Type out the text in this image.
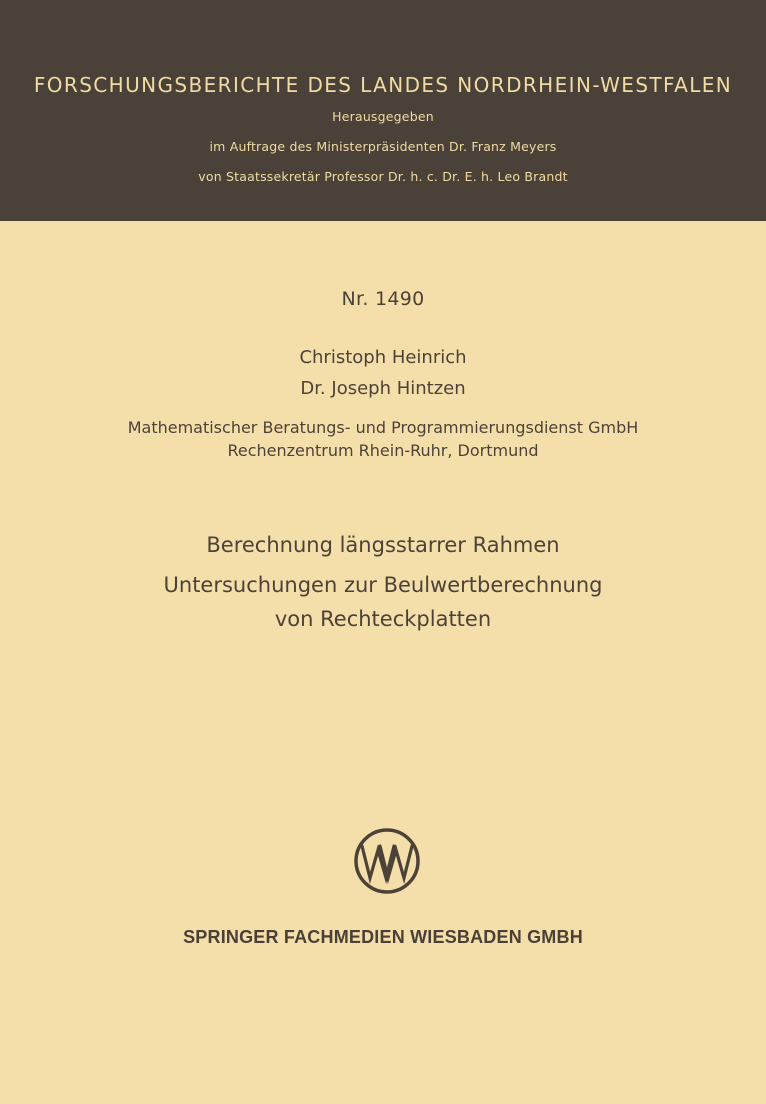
FORSCHUNGSBERICHTE DES LANDES NORDRHEIN-WESTFALEN
Herausgegeben
im Auftrage des Ministerpräsidenten Dr. Franz Meyers
von Staatssekretär Professor Dr. h. c. Dr. E. h. Leo Brandt
Nr. 1490
Christoph Heinrich
Dr. Joseph Hintzen
Mathematischer Beratungs- und Programmierungsdienst GmbH
Rechenzentrum Rhein-Ruhr, Dortmund
Berechnung längsstarrer Rahmen
Untersuchungen zur Beulwertberechnung
von Rechteckplatten
SPRINGER FACHMEDIEN WIESBADEN GMBH
